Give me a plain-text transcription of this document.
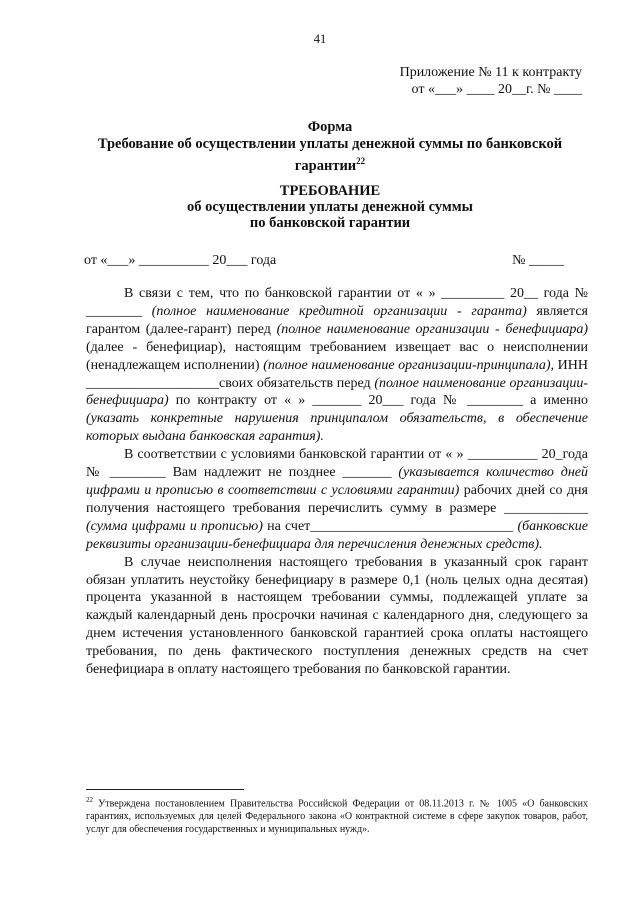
41
Приложение № 11 к контракту
от «___» ____ 20__г. № ____
Форма
Требование об осуществлении уплаты денежной суммы по банковской
гарантии$^{22}$
ТРЕБОВАНИЕ
об осуществлении уплаты денежной суммы
по банковской гарантии
от «___» __________ 20___ года	№ _____

В связи с тем, что по банковской гарантии от « » _________ 20__ года № ________ (полное наименование кредитной организации - гаранта) является гарантом (далее-гарант) перед (полное наименование организации - бенефициара) (далее - бенефициар), настоящим требованием извещает вас о неисполнении (ненадлежащем исполнении) (полное наименование организации-принципала), ИНН ___________________своих обязательств перед (полное наименование организации-бенефициара) по контракту от « » _______ 20___ года № ________ а именно (указать конкретные нарушения принципалом обязательств, в обеспечение которых выдана банковская гарантия).

В соответствии с условиями банковской гарантии от « » __________ 20_года № ________ Вам надлежит не позднее _______ (указывается количество дней цифрами и прописью в соответствии с условиями гарантии) рабочих дней со дня получения настоящего требования перечислить сумму в размере ____________ (сумма цифрами и прописью) на счет_____________________________ (банковские реквизиты организации-бенефициара для перечисления денежных средств).

В случае неисполнения настоящего требования в указанный срок гарант обязан уплатить неустойку бенефициару в размере 0,1 (ноль целых одна десятая) процента указанной в настоящем требовании суммы, подлежащей уплате за каждый календарный день просрочки начиная с календарного дня, следующего за днем истечения установленного банковской гарантией срока оплаты настоящего требования, по день фактического поступления денежных средств на счет бенефициара в оплату настоящего требования по банковской гарантии.

$^{22}$ Утверждена постановлением Правительства Российской Федерации от 08.11.2013 г. № 1005 «О банковских гарантиях, используемых для целей Федерального закона «О контрактной системе в сфере закупок товаров, работ, услуг для обеспечения государственных и муниципальных нужд».
